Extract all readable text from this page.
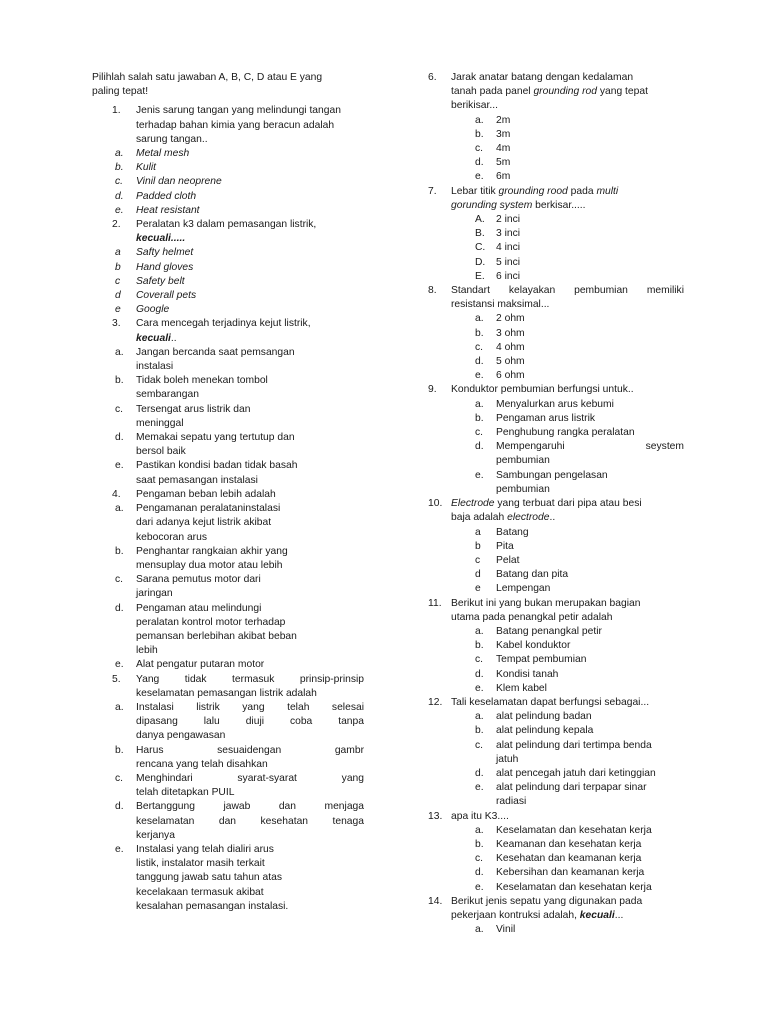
Pilihlah salah satu jawaban A, B, C, D atau E yang
paling tepat!
1. Jenis sarung tangan yang melindungi tangan
terhadap bahan kimia yang beracun adalah
sarung tangan..
a. Metal mesh
b. Kulit
c. Vinil dan neoprene
d. Padded cloth
e. Heat resistant
2. Peralatan k3 dalam pemasangan listrik,
kecuali.....
a Safty helmet
b Hand gloves
c Safety belt
d Coverall pets
e Google
3. Cara mencegah terjadinya kejut listrik,
kecuali..
a. Jangan bercanda saat pemsangan
instalasi
b. Tidak boleh menekan tombol
sembarangan
c. Tersengat arus listrik dan
meninggal
d. Memakai sepatu yang tertutup dan
bersol baik
e. Pastikan kondisi badan tidak basah
saat pemasangan instalasi
4. Pengaman beban lebih adalah
a. Pengamanan peralataninstalasi
dari adanya kejut listrik akibat
kebocoran arus
b. Penghantar rangkaian akhir yang
mensuplay dua motor atau lebih
c. Sarana pemutus motor dari
jaringan
d. Pengaman atau melindungi
peralatan kontrol motor terhadap
pemansan berlebihan akibat beban
lebih
e. Alat pengatur putaran motor
5. Yang tidak termasuk prinsip-prinsip
keselamatan pemasangan listrik adalah
a. Instalasi listrik yang telah selesai
dipasang lalu diuji coba tanpa
danya pengawasan
b. Harus sesuaidengan gambr
rencana yang telah disahkan
c. Menghindari syarat-syarat yang
telah ditetapkan PUIL
d. Bertanggung jawab dan menjaga
keselamatan dan kesehatan tenaga
kerjanya
e. Instalasi yang telah dialiri arus
listik, instalator masih terkait
tanggung jawab satu tahun atas
kecelakaan termasuk akibat
kesalahan pemasangan instalasi.
6. Jarak anatar batang dengan kedalaman
tanah pada panel grounding rod yang tepat
berikisar...
a. 2m
b. 3m
c. 4m
d. 5m
e. 6m
7. Lebar titik grounding rood pada multi
gorunding system berkisar.....
A. 2 inci
B. 3 inci
C. 4 inci
D. 5 inci
E. 6 inci
8. Standart kelayakan pembumian memiliki
resistansi maksimal...
a. 2 ohm
b. 3 ohm
c. 4 ohm
d. 5 ohm
e. 6 ohm
9. Konduktor pembumian berfungsi untuk..
a. Menyalurkan arus kebumi
b. Pengaman arus listrik
c. Penghubung rangka peralatan
d. Mempengaruhi seystem
pembumian
e. Sambungan pengelasan
pembumian
10. Electrode yang terbuat dari pipa atau besi
baja adalah electrode..
a Batang
b Pita
c Pelat
d Batang dan pita
e Lempengan
11. Berikut ini yang bukan merupakan bagian
utama pada penangkal petir adalah
a. Batang penangkal petir
b. Kabel konduktor
c. Tempat pembumian
d. Kondisi tanah
e. Klem kabel
12. Tali keselamatan dapat berfungsi sebagai...
a. alat pelindung badan
b. alat pelindung kepala
c. alat pelindung dari tertimpa benda
jatuh
d. alat pencegah jatuh dari ketinggian
e. alat pelindung dari terpapar sinar
radiasi
13. apa itu K3....
a. Keselamatan dan kesehatan kerja
b. Keamanan dan kesehatan kerja
c. Kesehatan dan keamanan kerja
d. Kebersihan dan keamanan kerja
e. Keselamatan dan kesehatan kerja
14. Berikut jenis sepatu yang digunakan pada
pekerjaan kontruksi adalah, kecuali...
a. Vinil
